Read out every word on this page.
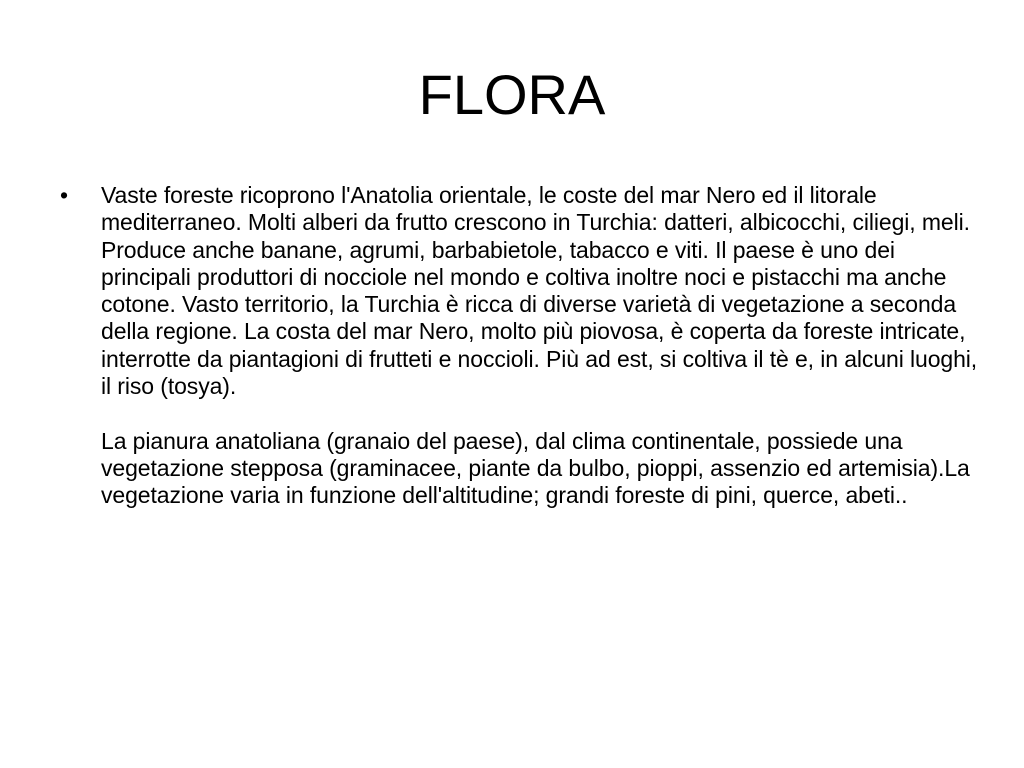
FLORA
• Vaste foreste ricoprono l'Anatolia orientale, le coste del mar Nero ed il litorale mediterraneo. Molti alberi da frutto crescono in Turchia: datteri, albicocchi, ciliegi, meli. Produce anche banane, agrumi, barbabietole, tabacco e viti. Il paese è uno dei principali produttori di nocciole nel mondo e coltiva inoltre noci e pistacchi ma anche cotone. Vasto territorio, la Turchia è ricca di diverse varietà di vegetazione a seconda della regione. La costa del mar Nero, molto più piovosa, è coperta da foreste intricate, interrotte da piantagioni di frutteti e noccioli. Più ad est, si coltiva il tè e, in alcuni luoghi, il riso (tosya).
La pianura anatoliana (granaio del paese), dal clima continentale, possiede una vegetazione stepposa (graminacee, piante da bulbo, pioppi, assenzio ed artemisia).La vegetazione varia in funzione dell'altitudine; grandi foreste di pini, querce, abeti..
